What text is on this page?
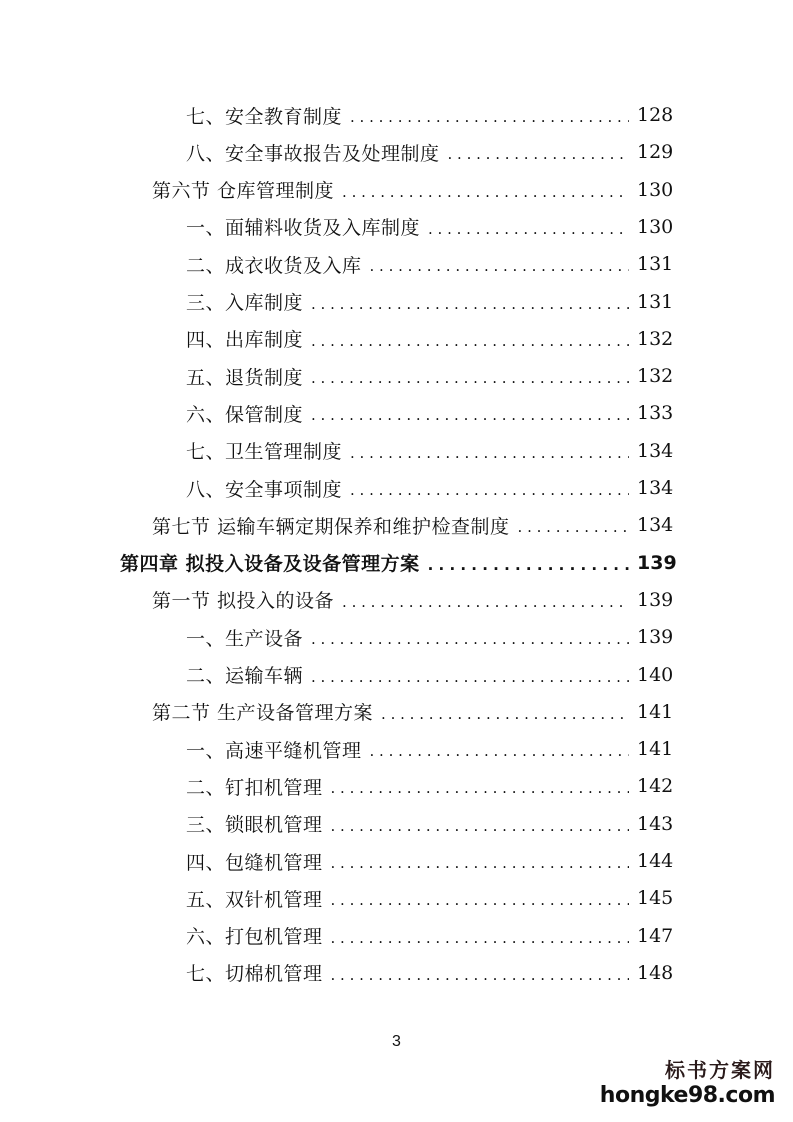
七、安全教育制度 . . .	128
八、安全事故报告及处理制度 . . .	129
第六节 仓库管理制度 . . .	130
一、面辅料收货及入库制度 . . .	130
二、成衣收货及入库 . . .	131
三、入库制度 . . .	131
四、出库制度 . . .	132
五、退货制度 . . .	132
六、保管制度 . . .	133
七、卫生管理制度 . . .	134
八、安全事项制度 . . .	134
第七节 运输车辆定期保养和维护检查制度 . . .	134
第四章 拟投入设备及设备管理方案 . . .	139
第一节 拟投入的设备 . . .	139
一、生产设备 . . .	139
二、运输车辆 . . .	140
第二节 生产设备管理方案 . . .	141
一、高速平缝机管理 . . .	141
二、钉扣机管理 . . .	142
三、锁眼机管理 . . .	143
四、包缝机管理 . . .	144
五、双针机管理 . . .	145
六、打包机管理 . . .	147
七、切棉机管理 . . .	148
3
标书方案网
hongke98.com
